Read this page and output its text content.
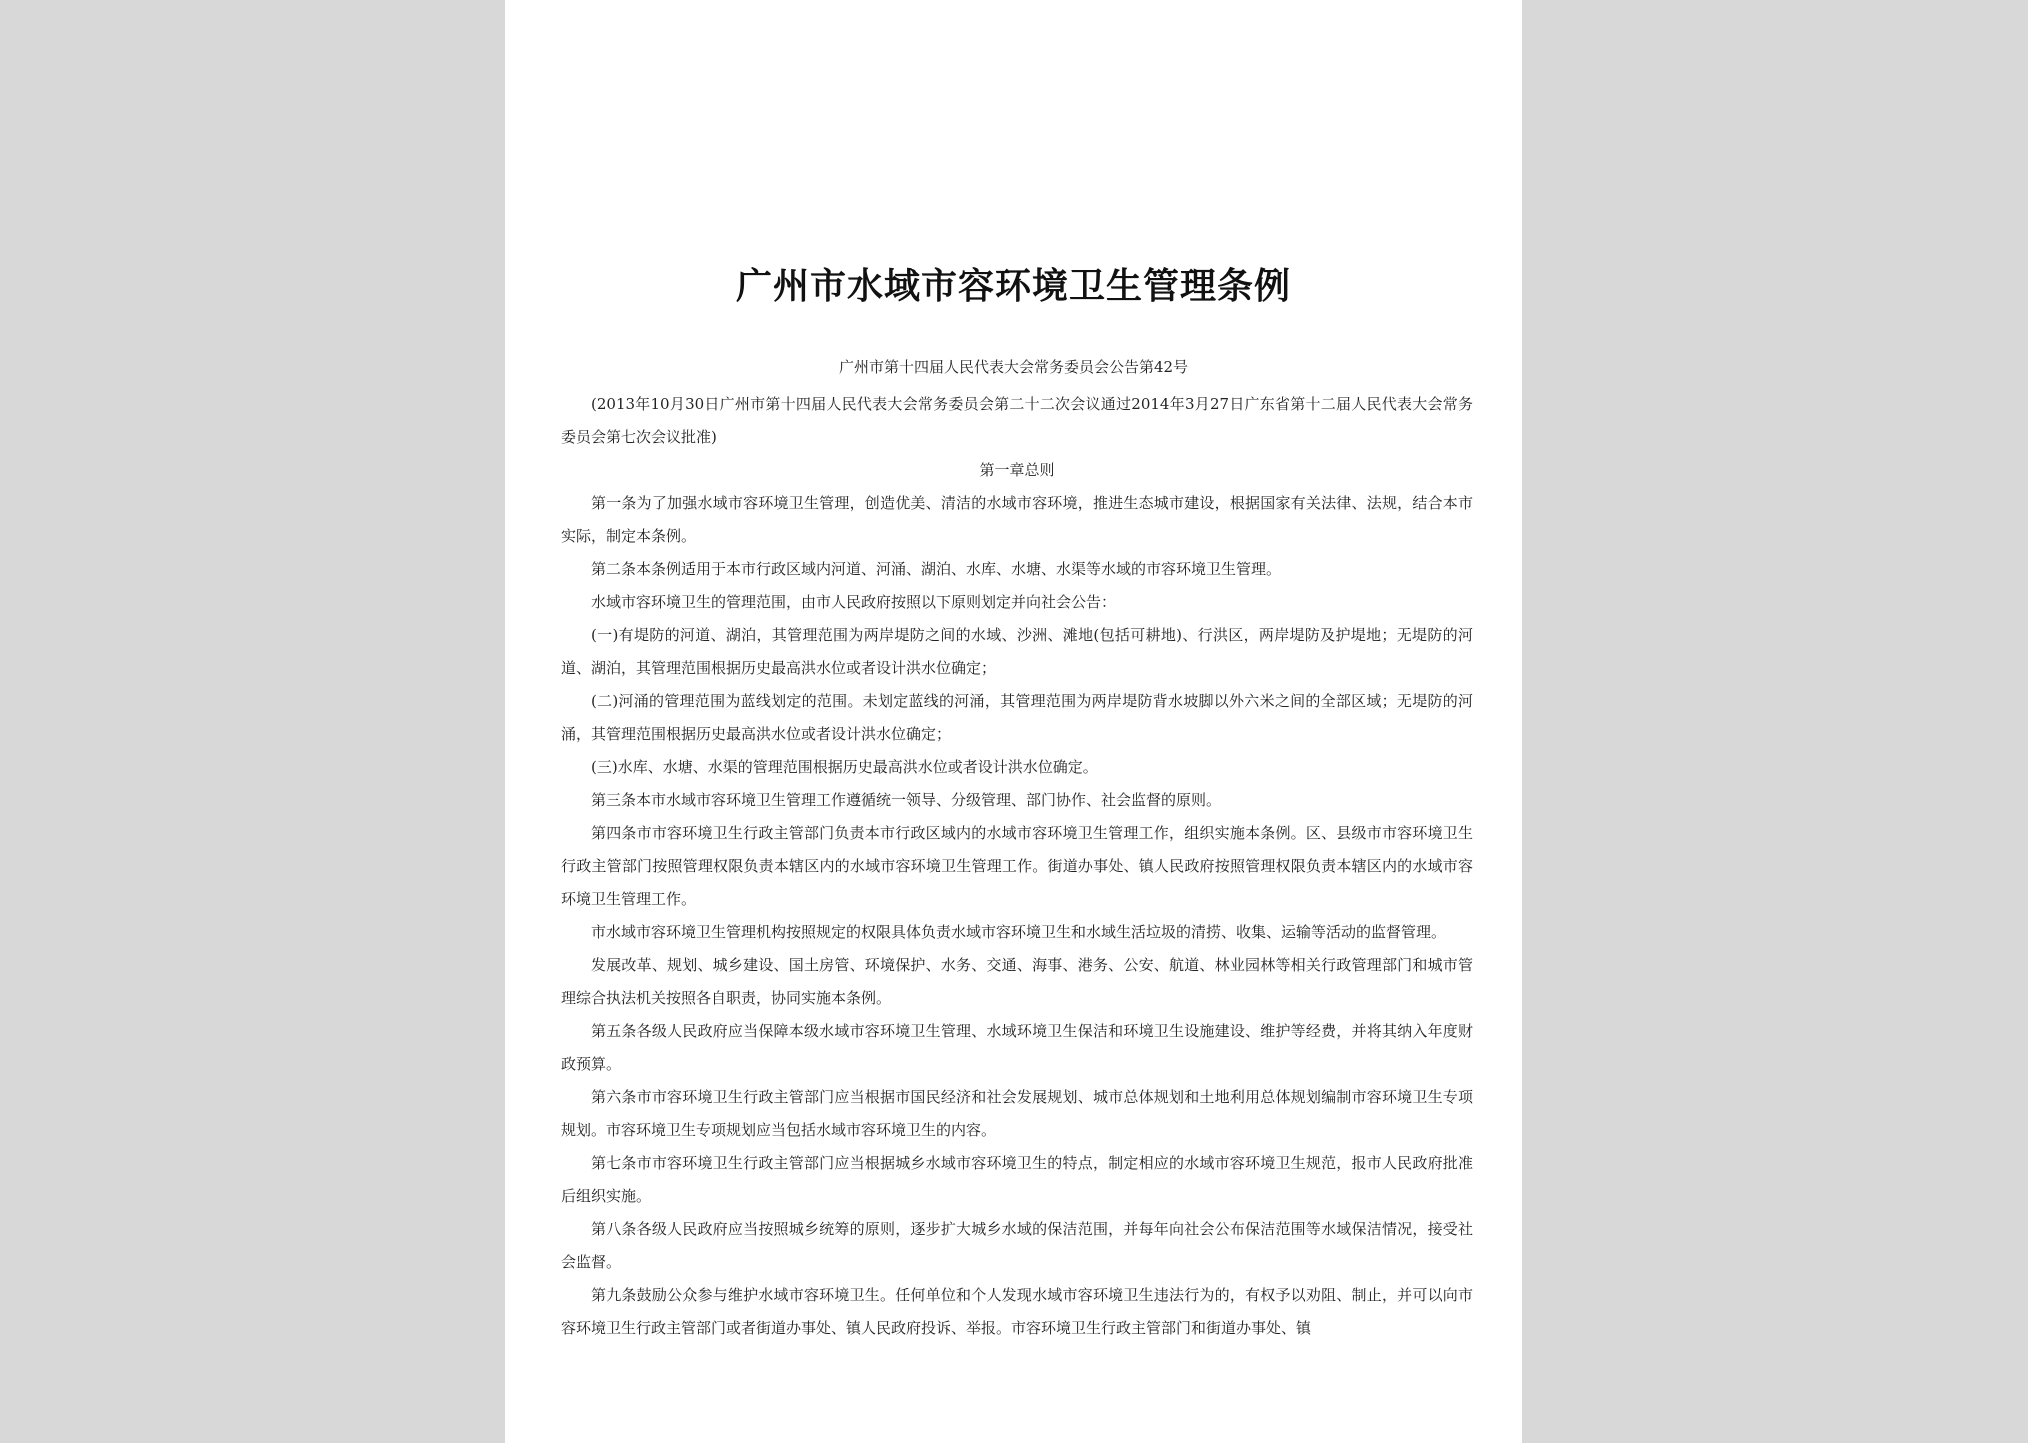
广州市水域市容环境卫生管理条例
广州市第十四届人民代表大会常务委员会公告第42号

(2013年10月30日广州市第十四届人民代表大会常务委员会第二十二次会议通过2014年3月27日广东省第十二届人民代表大会常务委员会第七次会议批准)

第一章总则

第一条为了加强水域市容环境卫生管理，创造优美、清洁的水域市容环境，推进生态城市建设，根据国家有关法律、法规，结合本市实际，制定本条例。

第二条本条例适用于本市行政区域内河道、河涌、湖泊、水库、水塘、水渠等水域的市容环境卫生管理。

水域市容环境卫生的管理范围，由市人民政府按照以下原则划定并向社会公告：

(一)有堤防的河道、湖泊，其管理范围为两岸堤防之间的水域、沙洲、滩地(包括可耕地)、行洪区，两岸堤防及护堤地；无堤防的河道、湖泊，其管理范围根据历史最高洪水位或者设计洪水位确定；

(二)河涌的管理范围为蓝线划定的范围。未划定蓝线的河涌，其管理范围为两岸堤防背水坡脚以外六米之间的全部区域；无堤防的河涌，其管理范围根据历史最高洪水位或者设计洪水位确定；

(三)水库、水塘、水渠的管理范围根据历史最高洪水位或者设计洪水位确定。

第三条本市水域市容环境卫生管理工作遵循统一领导、分级管理、部门协作、社会监督的原则。

第四条市市容环境卫生行政主管部门负责本市行政区域内的水域市容环境卫生管理工作，组织实施本条例。区、县级市市容环境卫生行政主管部门按照管理权限负责本辖区内的水域市容环境卫生管理工作。街道办事处、镇人民政府按照管理权限负责本辖区内的水域市容环境卫生管理工作。

市水域市容环境卫生管理机构按照规定的权限具体负责水域市容环境卫生和水域生活垃圾的清捞、收集、运输等活动的监督管理。

发展改革、规划、城乡建设、国土房管、环境保护、水务、交通、海事、港务、公安、航道、林业园林等相关行政管理部门和城市管理综合执法机关按照各自职责，协同实施本条例。

第五条各级人民政府应当保障本级水域市容环境卫生管理、水域环境卫生保洁和环境卫生设施建设、维护等经费，并将其纳入年度财政预算。

第六条市市容环境卫生行政主管部门应当根据市国民经济和社会发展规划、城市总体规划和土地利用总体规划编制市容环境卫生专项规划。市容环境卫生专项规划应当包括水域市容环境卫生的内容。

第七条市市容环境卫生行政主管部门应当根据城乡水域市容环境卫生的特点，制定相应的水域市容环境卫生规范，报市人民政府批准后组织实施。

第八条各级人民政府应当按照城乡统筹的原则，逐步扩大城乡水域的保洁范围，并每年向社会公布保洁范围等水域保洁情况，接受社会监督。

第九条鼓励公众参与维护水域市容环境卫生。任何单位和个人发现水域市容环境卫生违法行为的，有权予以劝阻、制止，并可以向市容环境卫生行政主管部门或者街道办事处、镇人民政府投诉、举报。市容环境卫生行政主管部门和街道办事处、镇
